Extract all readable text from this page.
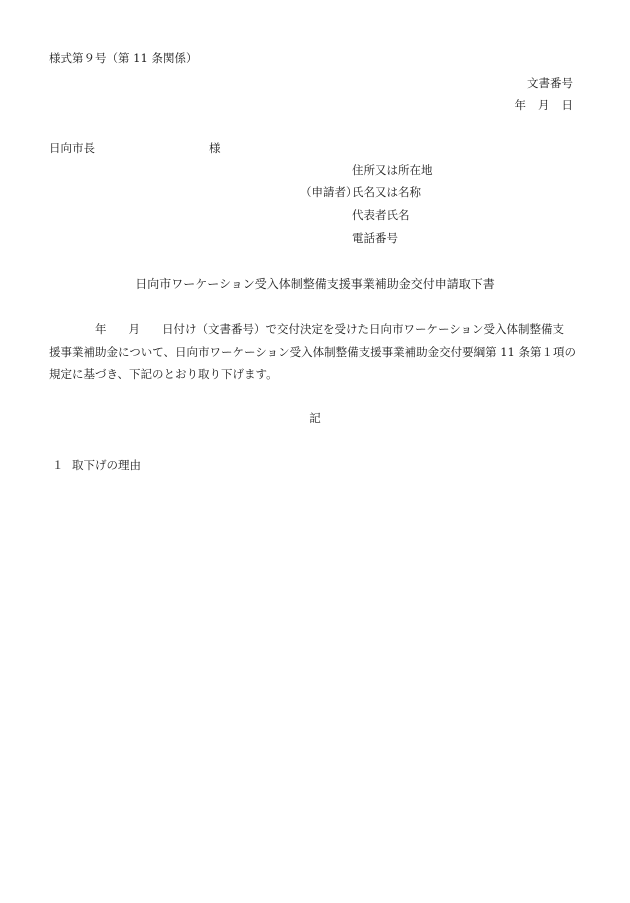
様式第９号（第 11 条関係）
文書番号
年 月 日
日向市長	様
（申請者）
住所又は所在地
氏名又は名称
代表者氏名
電話番号
日向市ワーケーション受入体制整備支援事業補助金交付申請取下書
年 月 日付け（文書番号）で交付決定を受けた日向市ワーケーション受入体制整備支
援事業補助金について、日向市ワーケーション受入体制整備支援事業補助金交付要綱第 11 条第１項の
規定に基づき、下記のとおり取り下げます。
記
１ 取下げの理由
